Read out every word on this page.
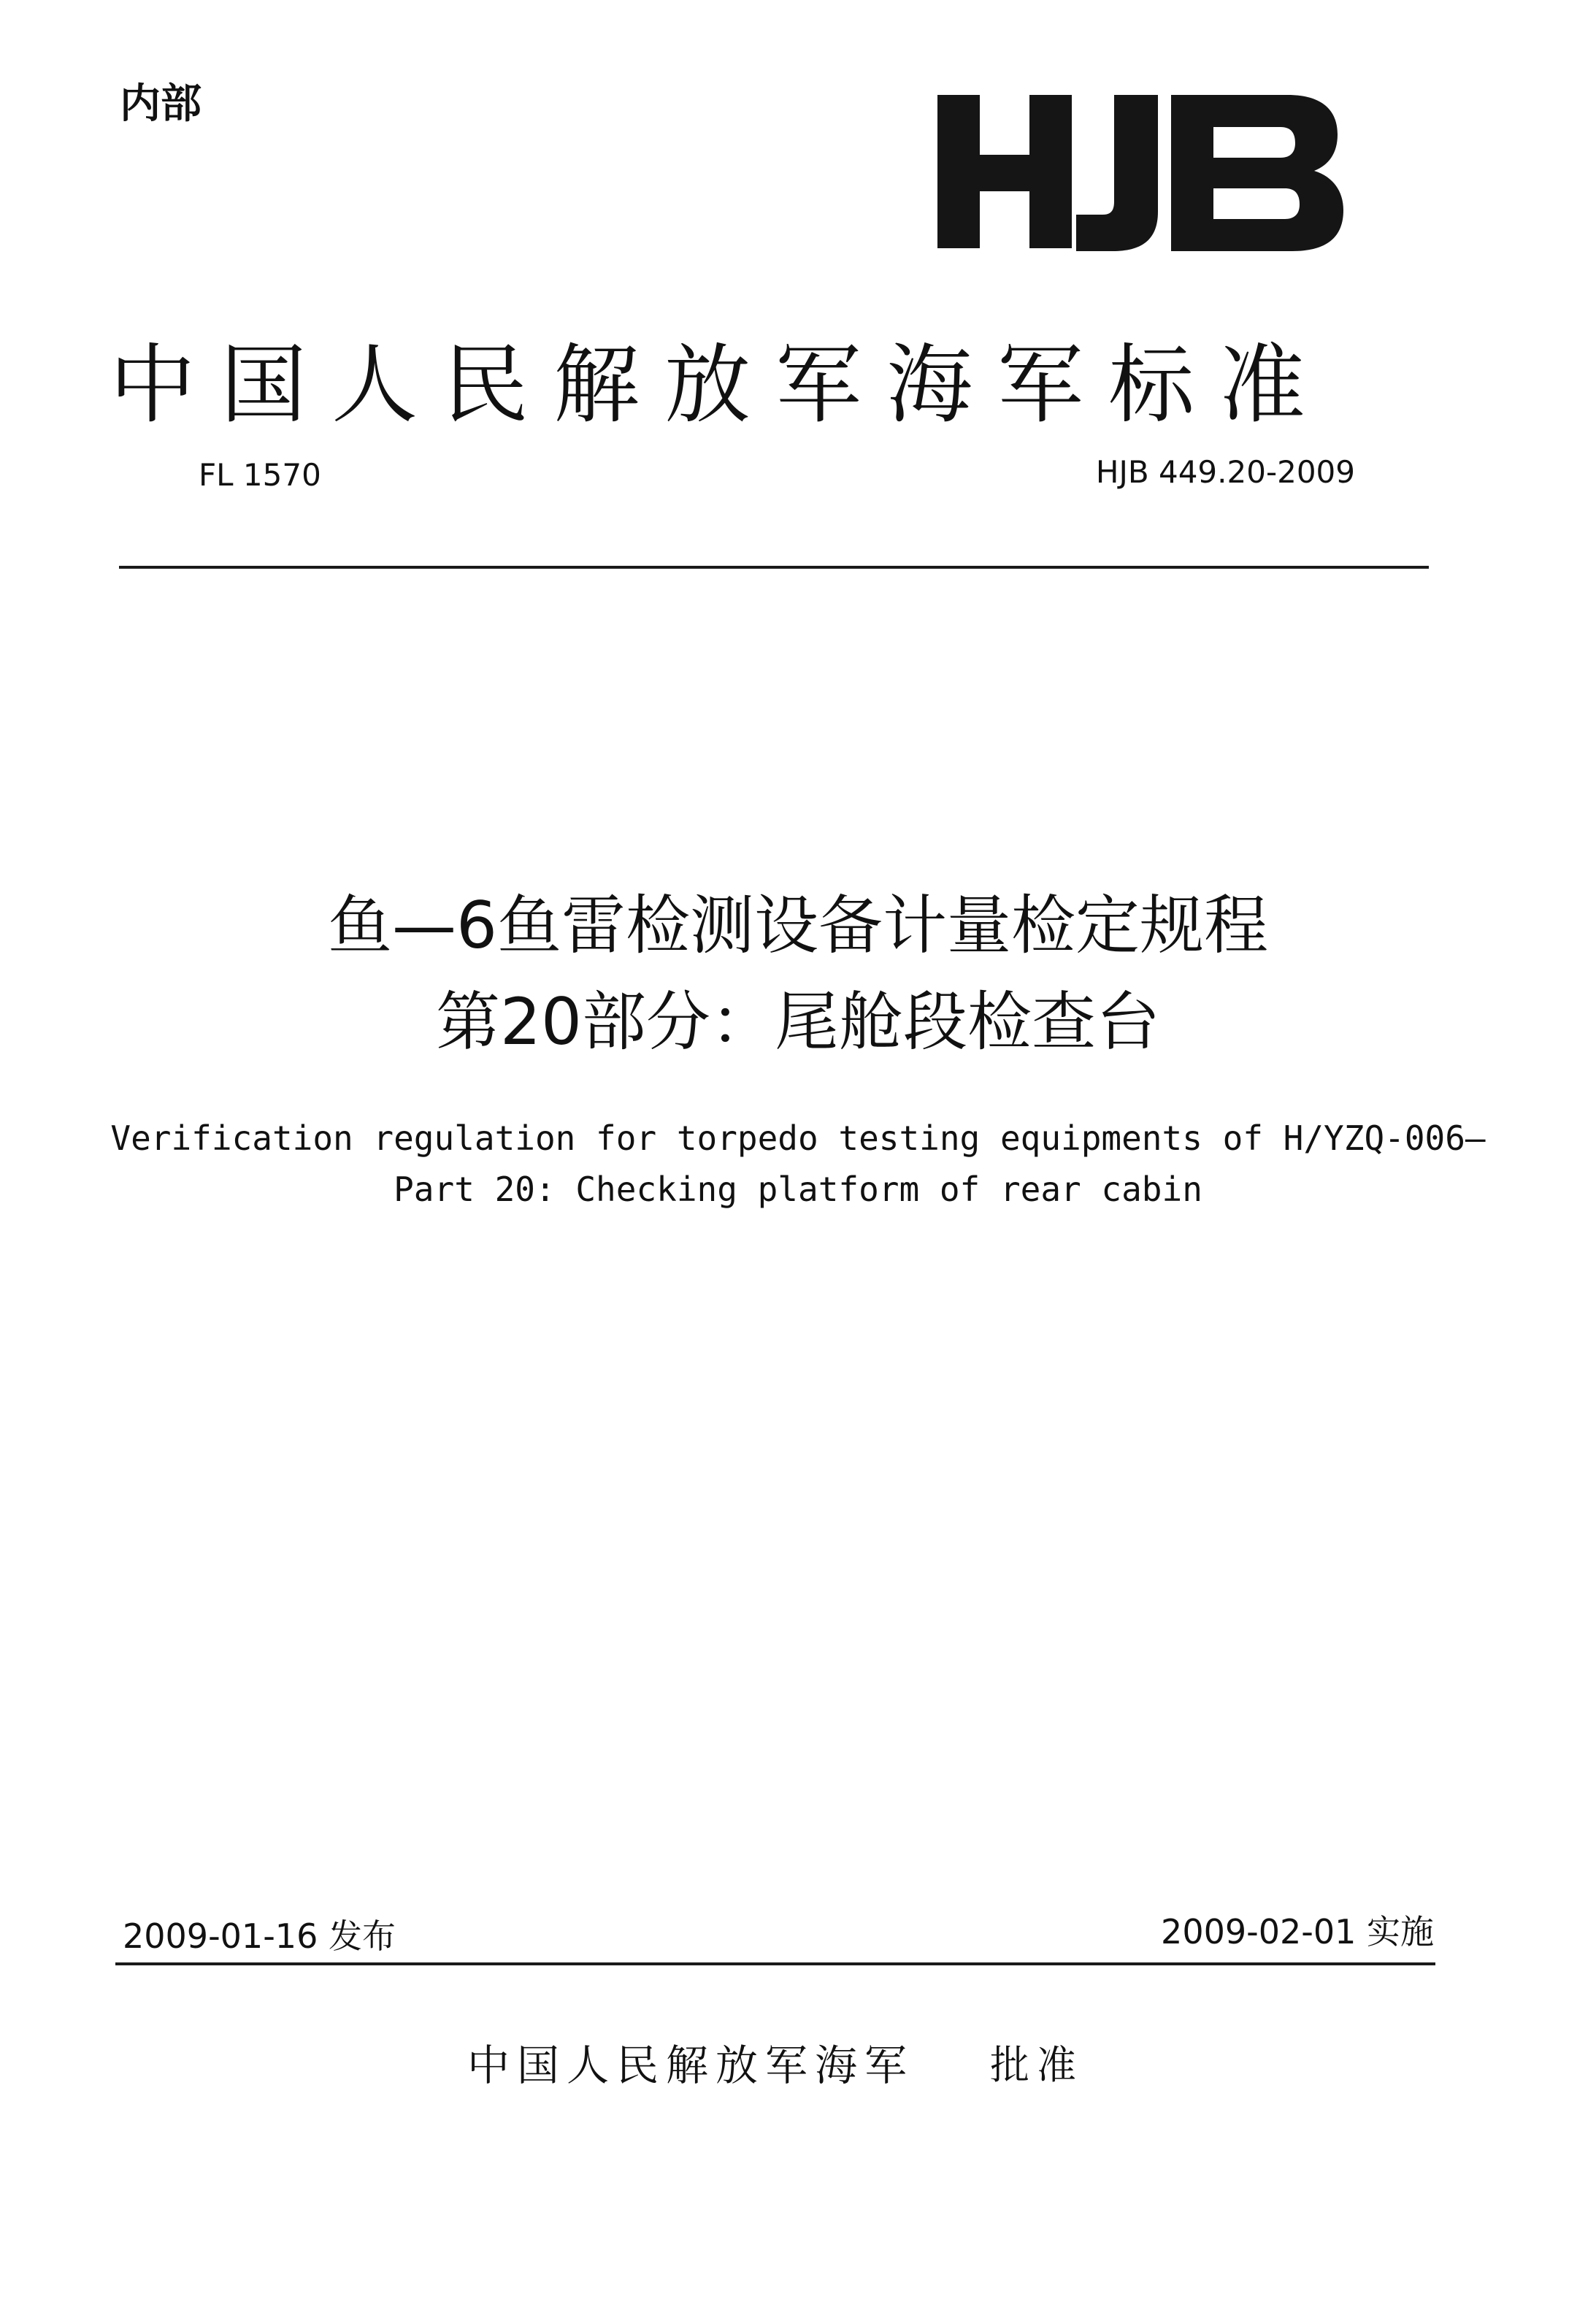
内部
中国人民解放军海军标准
FL 1570	HJB 449.20-2009
鱼—6鱼雷检测设备计量检定规程
第20部分：尾舱段检查台
Verification regulation for torpedo testing equipments of H/YZQ-006—
Part 20: Checking platform of rear cabin
2009-01-16 发布	2009-02-01 实施
中国人民解放军海军 批准
